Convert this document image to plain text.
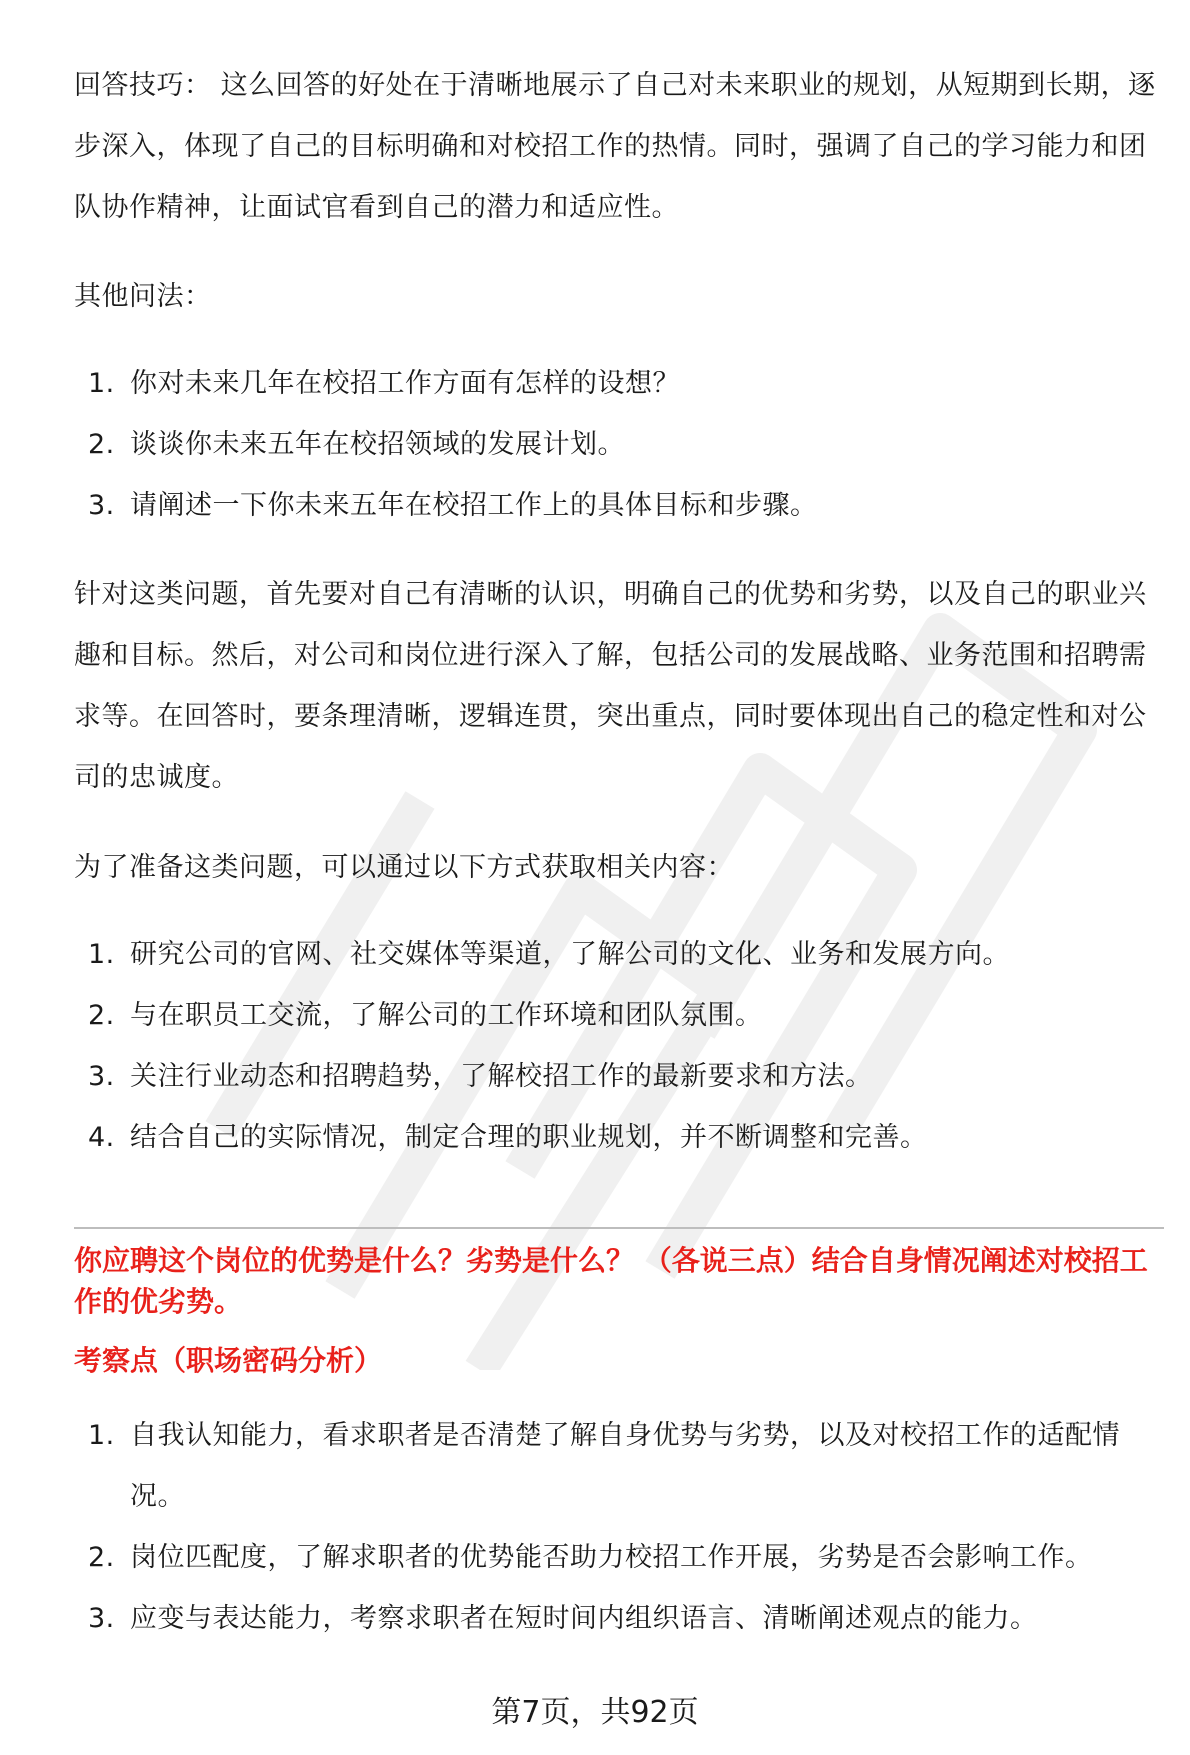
回答技巧： 这么回答的好处在于清晰地展示了自己对未来职业的规划，从短期到长期，逐步深入，体现了自己的目标明确和对校招工作的热情。同时，强调了自己的学习能力和团队协作精神，让面试官看到自己的潜力和适应性。

其他问法：

1. 你对未来几年在校招工作方面有怎样的设想？
2. 谈谈你未来五年在校招领域的发展计划。
3. 请阐述一下你未来五年在校招工作上的具体目标和步骤。

针对这类问题，首先要对自己有清晰的认识，明确自己的优势和劣势，以及自己的职业兴趣和目标。然后，对公司和岗位进行深入了解，包括公司的发展战略、业务范围和招聘需求等。在回答时，要条理清晰，逻辑连贯，突出重点，同时要体现出自己的稳定性和对公司的忠诚度。

为了准备这类问题，可以通过以下方式获取相关内容：

1. 研究公司的官网、社交媒体等渠道，了解公司的文化、业务和发展方向。
2. 与在职员工交流，了解公司的工作环境和团队氛围。
3. 关注行业动态和招聘趋势，了解校招工作的最新要求和方法。
4. 结合自己的实际情况，制定合理的职业规划，并不断调整和完善。

你应聘这个岗位的优势是什么？劣势是什么？ （各说三点）结合自身情况阐述对校招工作的优劣势。

考察点（职场密码分析）

1. 自我认知能力，看求职者是否清楚了解自身优势与劣势，以及对校招工作的适配情况。
2. 岗位匹配度，了解求职者的优势能否助力校招工作开展，劣势是否会影响工作。
3. 应变与表达能力，考察求职者在短时间内组织语言、清晰阐述观点的能力。
第7页，共92页
